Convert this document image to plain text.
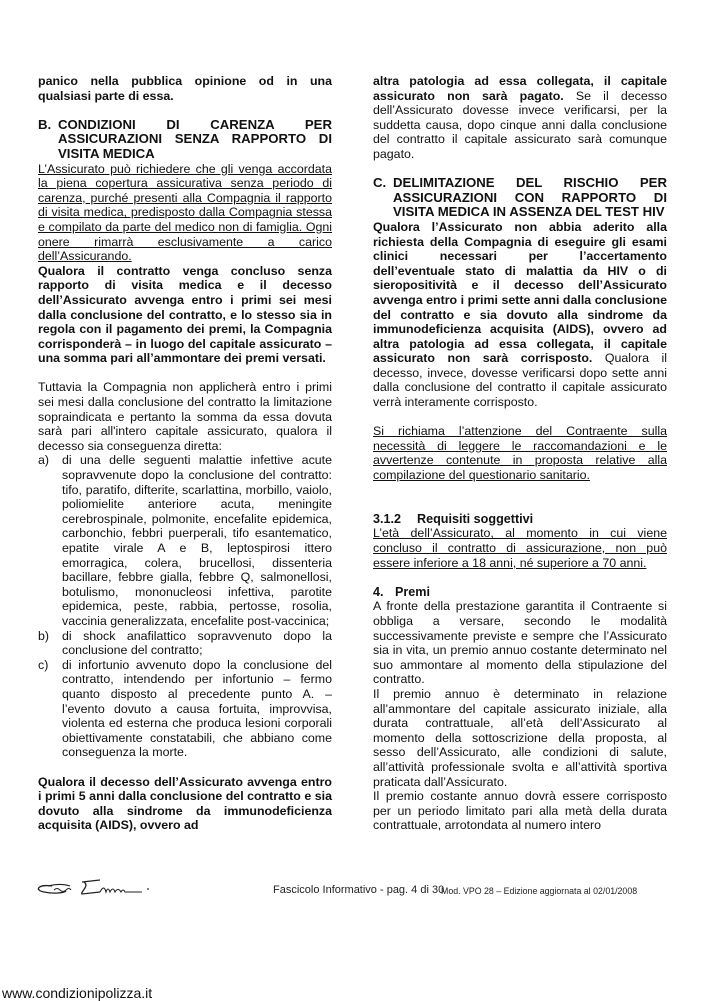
panico nella pubblica opinione od in una qualsiasi parte di essa.

B. CONDIZIONI DI CARENZA PER ASSICURAZIONI SENZA RAPPORTO DI VISITA MEDICA

L’Assicurato può richiedere che gli venga accordata la piena copertura assicurativa senza periodo di carenza, purché presenti alla Compagnia il rapporto di visita medica, predisposto dalla Compagnia stessa e compilato da parte del medico non di famiglia. Ogni onere rimarrà esclusivamente a carico dell’Assicurando.

Qualora il contratto venga concluso senza rapporto di visita medica e il decesso dell’Assicurato avvenga entro i primi sei mesi dalla conclusione del contratto, e lo stesso sia in regola con il pagamento dei premi, la Compagnia corrisponderà – in luogo del capitale assicurato – una somma pari all’ammontare dei premi versati.

Tuttavia la Compagnia non applicherà entro i primi sei mesi dalla conclusione del contratto la limitazione sopraindicata e pertanto la somma da essa dovuta sarà pari all'intero capitale assicurato, qualora il decesso sia conseguenza diretta:

a)	di una delle seguenti malattie infettive acute sopravvenute dopo la conclusione del contratto: tifo, paratifo, difterite, scarlattina, morbillo, vaiolo, poliomielite anteriore acuta, meningite cerebrospinale, polmonite, encefalite epidemica, carbonchio, febbri puerperali, tifo esantematico, epatite virale A e B, leptospirosi ittero emorragica, colera, brucellosi, dissenteria bacillare, febbre gialla, febbre Q, salmonellosi, botulismo, mononucleosi infettiva, parotite epidemica, peste, rabbia, pertosse, rosolia, vaccinia generalizzata, encefalite post-vaccinica;
b)	di shock anafilattico sopravvenuto dopo la conclusione del contratto;
c)	di infortunio avvenuto dopo la conclusione del contratto, intendendo per infortunio – fermo quanto disposto al precedente punto A. – l’evento dovuto a causa fortuita, improvvisa, violenta ed esterna che produca lesioni corporali obiettivamente constatabili, che abbiano come conseguenza la morte.

Qualora il decesso dell’Assicurato avvenga entro i primi 5 anni dalla conclusione del contratto e sia dovuto alla sindrome da immunodeficienza acquisita (AIDS), ovvero ad

altra patologia ad essa collegata, il capitale assicurato non sarà pagato. Se il decesso dell’Assicurato dovesse invece verificarsi, per la suddetta causa, dopo cinque anni dalla conclusione del contratto il capitale assicurato sarà comunque pagato.

C. DELIMITAZIONE DEL RISCHIO PER ASSICURAZIONI CON RAPPORTO DI VISITA MEDICA IN ASSENZA DEL TEST HIV

Qualora l’Assicurato non abbia aderito alla richiesta della Compagnia di eseguire gli esami clinici necessari per l’accertamento dell’eventuale stato di malattia da HIV o di sieropositività e il decesso dell’Assicurato avvenga entro i primi sette anni dalla conclusione del contratto e sia dovuto alla sindrome da immunodeficienza acquisita (AIDS), ovvero ad altra patologia ad essa collegata, il capitale assicurato non sarà corrisposto. Qualora il decesso, invece, dovesse verificarsi dopo sette anni dalla conclusione del contratto il capitale assicurato verrà interamente corrisposto.

Si richiama l’attenzione del Contraente sulla necessità di leggere le raccomandazioni e le avvertenze contenute in proposta relative alla compilazione del questionario sanitario.

3.1.2 Requisiti soggettivi

L’età dell’Assicurato, al momento in cui viene concluso il contratto di assicurazione, non può essere inferiore a 18 anni, né superiore a 70 anni.

4. Premi

A fronte della prestazione garantita il Contraente si obbliga a versare, secondo le modalità successivamente previste e sempre che l’Assicurato sia in vita, un premio annuo costante determinato nel suo ammontare al momento della stipulazione del contratto.

Il premio annuo è determinato in relazione all’ammontare del capitale assicurato iniziale, alla durata contrattuale, all’età dell’Assicurato al momento della sottoscrizione della proposta, al sesso dell’Assicurato, alle condizioni di salute, all’attività professionale svolta e all’attività sportiva praticata dall’Assicurato.

Il premio costante annuo dovrà essere corrisposto per un periodo limitato pari alla metà della durata contrattuale, arrotondata al numero intero

Fascicolo Informativo - pag. 4 di 30
Mod. VPO 28 – Edizione aggiornata al 02/01/2008
www.condizionipolizza.it
